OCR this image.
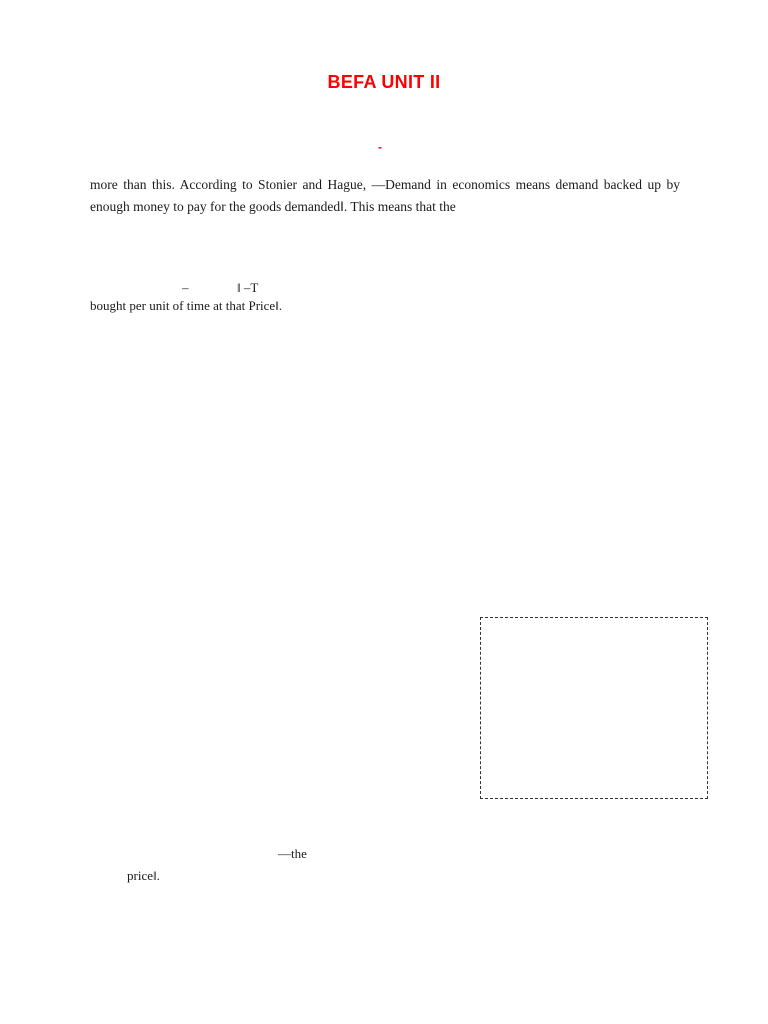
BEFA UNIT II
-
more than this. According to Stonier and Hague, —Demand in economics means demand backed up by enough money to pay for the goods demanded‖. This means that the
–	‖ –T
bought per unit of time at that Price‖.
—the
price‖.
